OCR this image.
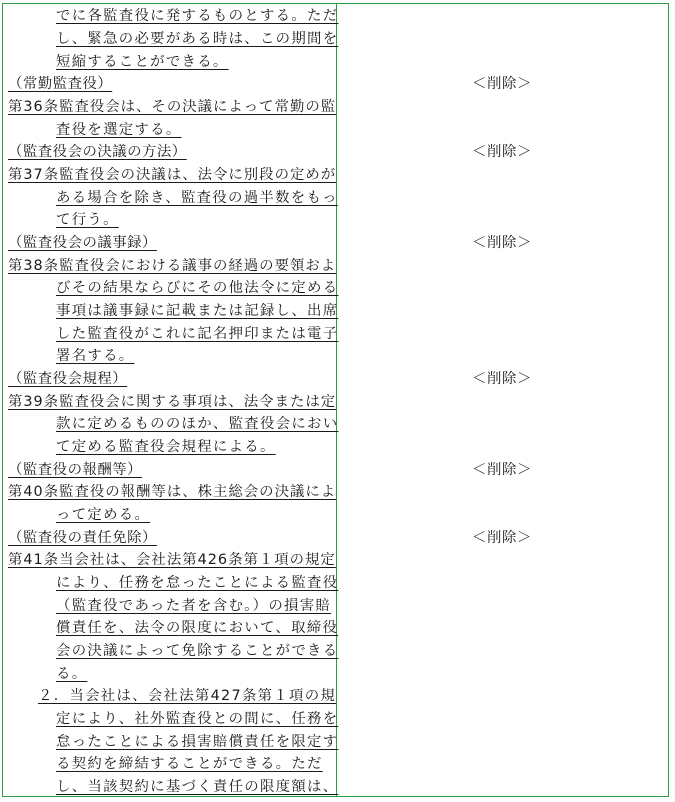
でに各監査役に発するものとする。ただ
し、緊急の必要がある時は、この期間を
短縮することができる。
（常勤監査役）
第36条監査役会は、その決議によって常勤の監
査役を選定する。
（監査役会の決議の方法）
第37条監査役会の決議は、法令に別段の定めが
ある場合を除き、監査役の過半数をもっ
て行う。
（監査役会の議事録）
第38条監査役会における議事の経過の要領およ
びその結果ならびにその他法令に定める
事項は議事録に記載または記録し、出席
した監査役がこれに記名押印または電子
署名する。
（監査役会規程）
第39条監査役会に関する事項は、法令または定
款に定めるもののほか、監査役会におい
て定める監査役会規程による。
（監査役の報酬等）
第40条監査役の報酬等は、株主総会の決議によ
って定める。
（監査役の責任免除）
第41条当会社は、会社法第426条第１項の規定
により、任務を怠ったことによる監査役
（監査役であった者を含む。）の損害賠
償責任を、法令の限度において、取締役
会の決議によって免除することができる
る。
２．当会社は、会社法第427条第１項の規
定により、社外監査役との間に、任務を
怠ったことによる損害賠償責任を限定す
る契約を締結することができる。ただ
し、当該契約に基づく責任の限度額は、
＜削除＞
＜削除＞
＜削除＞
＜削除＞
＜削除＞
＜削除＞
